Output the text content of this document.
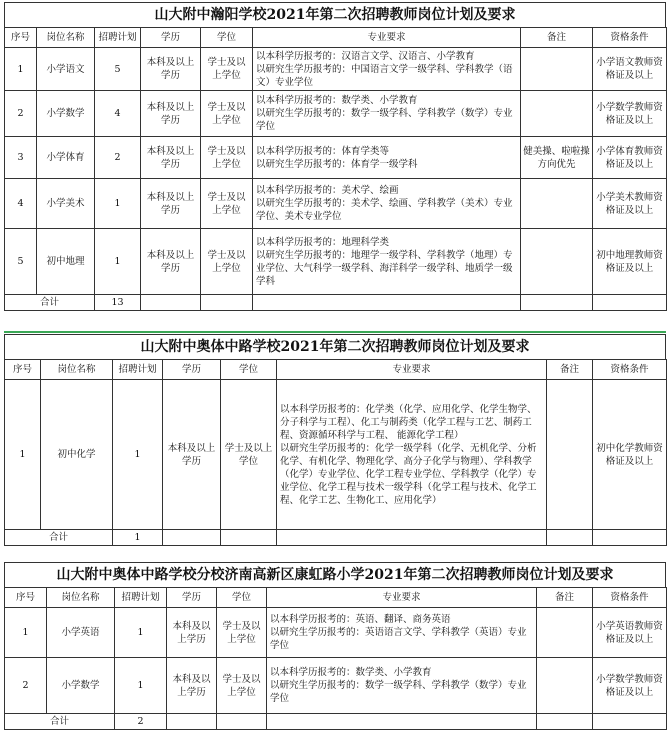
山大附中瀚阳学校2021年第二次招聘教师岗位计划及要求
序号	岗位名称	招聘计划	学历	学位	专业要求	备注	资格条件
1	小学语文	5	本科及以上学历	学士及以上学位	以本科学历报考的：汉语言文学、汉语言、小学教育
以研究生学历报考的：中国语言文学一级学科、学科教学（语文）专业学位		小学语文教师资格证及以上
2	小学数学	4	本科及以上学历	学士及以上学位	以本科学历报考的：数学类、小学教育
以研究生学历报考的：数学一级学科、学科教学（数学）专业学位		小学数学教师资格证及以上
3	小学体育	2	本科及以上学历	学士及以上学位	以本科学历报考的：体育学类等
以研究生学历报考的：体育学一级学科	健美操、啦啦操方向优先	小学体育教师资格证及以上
4	小学美术	1	本科及以上学历	学士及以上学位	以本科学历报考的：美术学、绘画
以研究生学历报考的：美术学、绘画、学科教学（美术）专业学位、美术专业学位		小学美术教师资格证及以上
5	初中地理	1	本科及以上学历	学士及以上学位	以本科学历报考的：地理科学类
以研究生学历报考的：地理学一级学科、学科教学（地理）专业学位、大气科学一级学科、海洋科学一级学科、地质学一级学科		初中地理教师资格证及以上
合计		13					
山大附中奥体中路学校2021年第二次招聘教师岗位计划及要求
序号	岗位名称	招聘计划	学历	学位	专业要求	备注	资格条件
1	初中化学	1	本科及以上学历	学士及以上学位	以本科学历报考的：化学类（化学、应用化学、化学生物学、分子科学与工程）、化工与制药类（化学工程与工艺、制药工程、资源循环科学与工程、 能源化学工程）
以研究生学历报考的：化学一级学科（化学、无机化学、分析化学、有机化学、物理化学、高分子化学与物理）、学科教学（化学）专业学位、化学工程专业学位、学科教学（化学）专业学位、化学工程与技术一级学科（化学工程与技术、化学工程、化学工艺、生物化工、应用化学）		初中化学教师资格证及以上
合计		1					
山大附中奥体中路学校分校济南高新区康虹路小学2021年第二次招聘教师岗位计划及要求
序号	岗位名称	招聘计划	学历	学位	专业要求	备注	资格条件
1	小学英语	1	本科及以上学历	学士及以上学位	以本科学历报考的：英语、翻译、商务英语
以研究生学历报考的：英语语言文学、学科教学（英语）专业学位		小学英语教师资格证及以上
2	小学数学	1	本科及以上学历	学士及以上学位	以本科学历报考的：数学类、小学教育
以研究生学历报考的：数学一级学科、学科教学（数学）专业学位		小学数学教师资格证及以上
合计		2					
